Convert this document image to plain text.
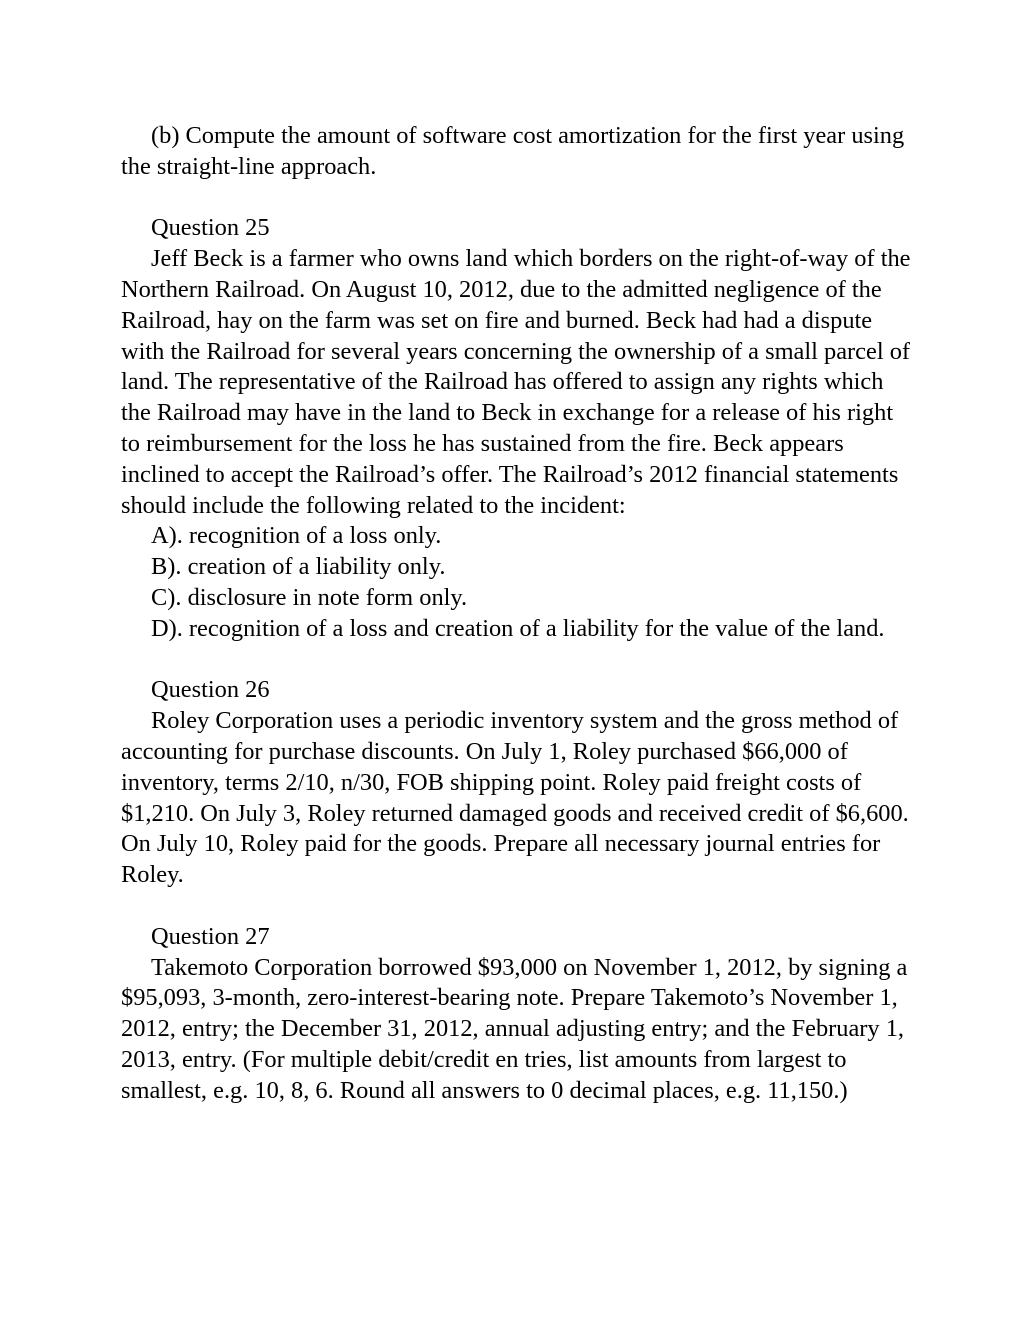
(b) Compute the amount of software cost amortization for the first year using the straight-line approach.

Question 25

Jeff Beck is a farmer who owns land which borders on the right-of-way of the Northern Railroad. On August 10, 2012, due to the admitted negligence of the Railroad, hay on the farm was set on fire and burned. Beck had had a dispute with the Railroad for several years concerning the ownership of a small parcel of land. The representative of the Railroad has offered to assign any rights which the Railroad may have in the land to Beck in exchange for a release of his right to reimbursement for the loss he has sustained from the fire. Beck appears inclined to accept the Railroad’s offer. The Railroad’s 2012 financial statements should include the following related to the incident:

A). recognition of a loss only.

B). creation of a liability only.

C). disclosure in note form only.

D). recognition of a loss and creation of a liability for the value of the land.

Question 26

Roley Corporation uses a periodic inventory system and the gross method of accounting for purchase discounts. On July 1, Roley purchased $66,000 of inventory, terms 2/10, n/30, FOB shipping point. Roley paid freight costs of $1,210. On July 3, Roley returned damaged goods and received credit of $6,600. On July 10, Roley paid for the goods. Prepare all necessary journal entries for Roley.

Question 27

Takemoto Corporation borrowed $93,000 on November 1, 2012, by signing a $95,093, 3-month, zero-interest-bearing note. Prepare Takemoto’s November 1, 2012, entry; the December 31, 2012, annual adjusting entry; and the February 1, 2013, entry. (For multiple debit/credit en tries, list amounts from largest to smallest, e.g. 10, 8, 6. Round all answers to 0 decimal places, e.g. 11,150.)
